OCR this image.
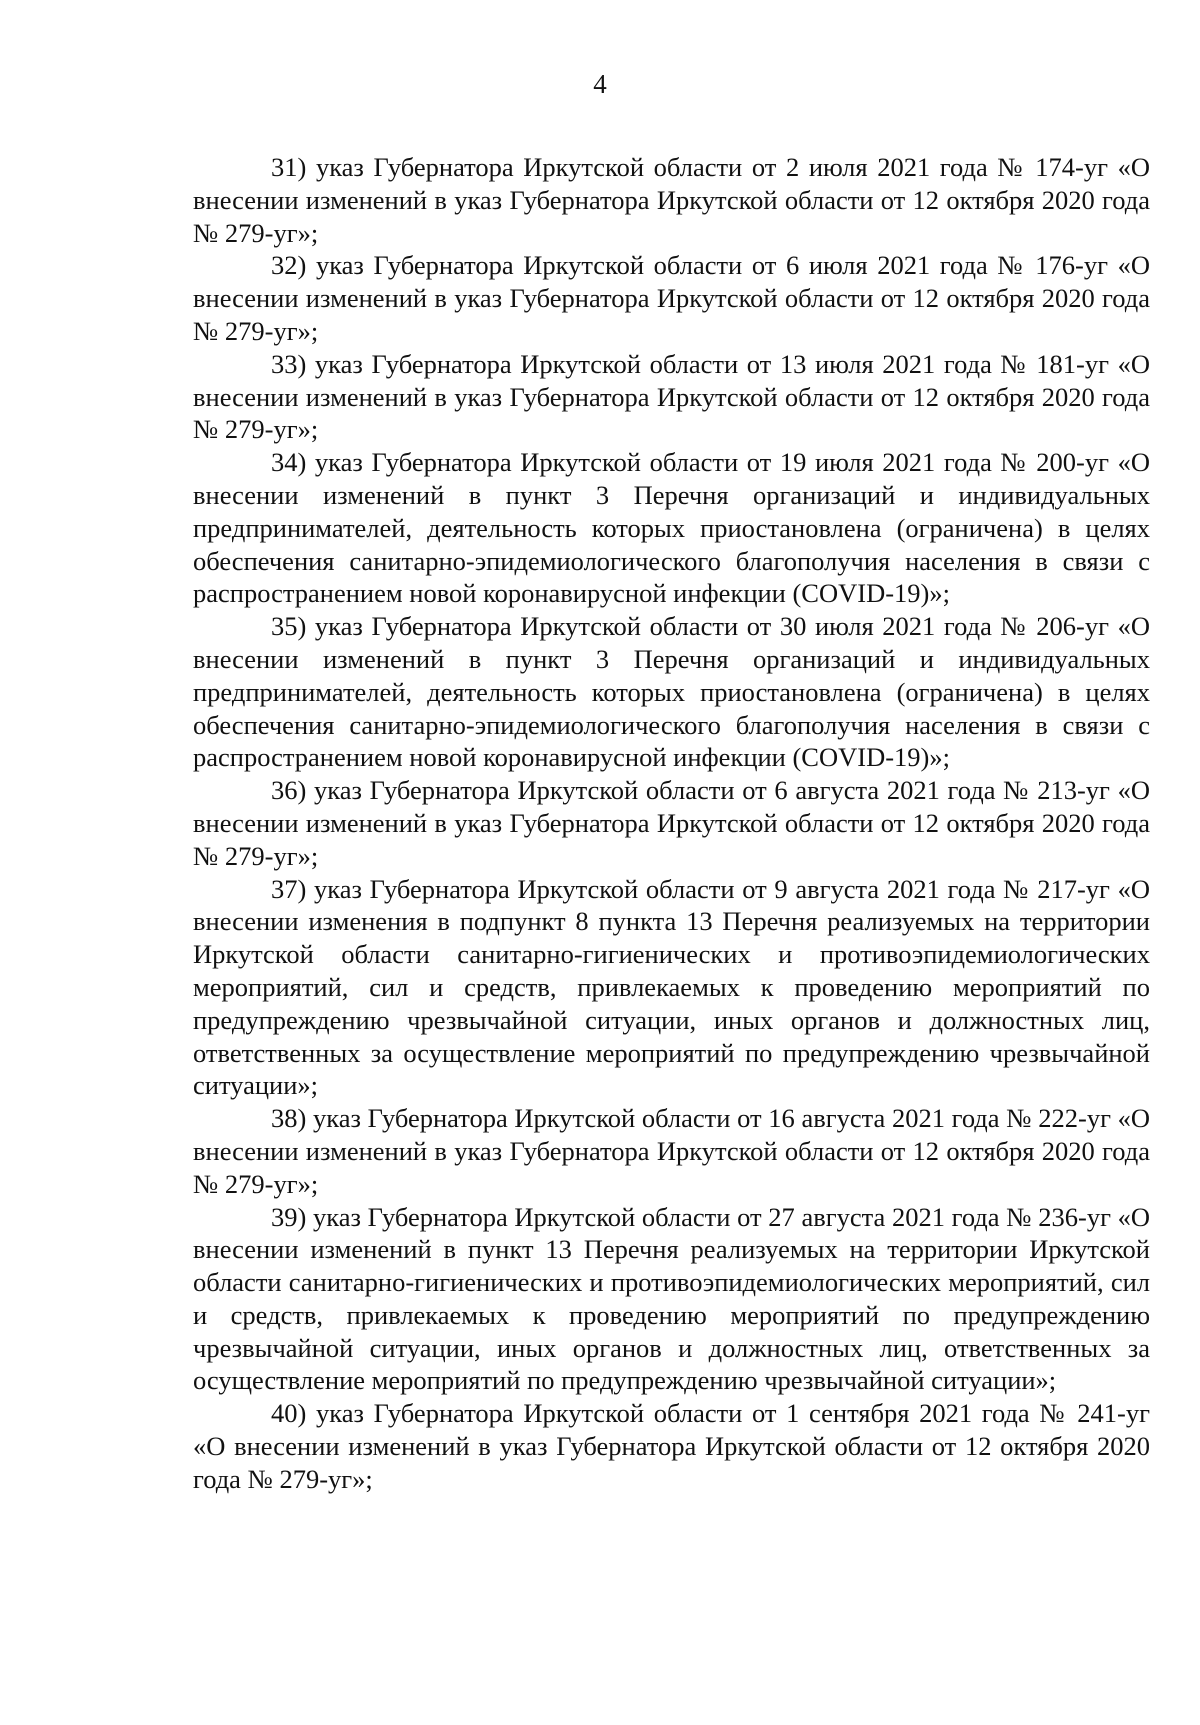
4

31) указ Губернатора Иркутской области от 2 июля 2021 года № 174-уг «О внесении изменений в указ Губернатора Иркутской области от 12 октября 2020 года № 279-уг»;

32) указ Губернатора Иркутской области от 6 июля 2021 года № 176-уг «О внесении изменений в указ Губернатора Иркутской области от 12 октября 2020 года № 279-уг»;

33) указ Губернатора Иркутской области от 13 июля 2021 года № 181-уг «О внесении изменений в указ Губернатора Иркутской области от 12 октября 2020 года № 279-уг»;

34) указ Губернатора Иркутской области от 19 июля 2021 года № 200-уг «О внесении изменений в пункт 3 Перечня организаций и индивидуальных предпринимателей, деятельность которых приостановлена (ограничена) в целях обеспечения санитарно-эпидемиологического благополучия населения в связи с распространением новой коронавирусной инфекции (COVID-19)»;

35) указ Губернатора Иркутской области от 30 июля 2021 года № 206-уг «О внесении изменений в пункт 3 Перечня организаций и индивидуальных предпринимателей, деятельность которых приостановлена (ограничена) в целях обеспечения санитарно-эпидемиологического благополучия населения в связи с распространением новой коронавирусной инфекции (COVID-19)»;

36) указ Губернатора Иркутской области от 6 августа 2021 года № 213-уг «О внесении изменений в указ Губернатора Иркутской области от 12 октября 2020 года № 279-уг»;

37) указ Губернатора Иркутской области от 9 августа 2021 года № 217-уг «О внесении изменения в подпункт 8 пункта 13 Перечня реализуемых на территории Иркутской области санитарно-гигиенических и противоэпидемиологических мероприятий, сил и средств, привлекаемых к проведению мероприятий по предупреждению чрезвычайной ситуации, иных органов и должностных лиц, ответственных за осуществление мероприятий по предупреждению чрезвычайной ситуации»;

38) указ Губернатора Иркутской области от 16 августа 2021 года № 222-уг «О внесении изменений в указ Губернатора Иркутской области от 12 октября 2020 года № 279-уг»;

39) указ Губернатора Иркутской области от 27 августа 2021 года № 236-уг «О внесении изменений в пункт 13 Перечня реализуемых на территории Иркутской области санитарно-гигиенических и противоэпидемиологических мероприятий, сил и средств, привлекаемых к проведению мероприятий по предупреждению чрезвычайной ситуации, иных органов и должностных лиц, ответственных за осуществление мероприятий по предупреждению чрезвычайной ситуации»;

40) указ Губернатора Иркутской области от 1 сентября 2021 года № 241-уг «О внесении изменений в указ Губернатора Иркутской области от 12 октября 2020 года № 279-уг»;
